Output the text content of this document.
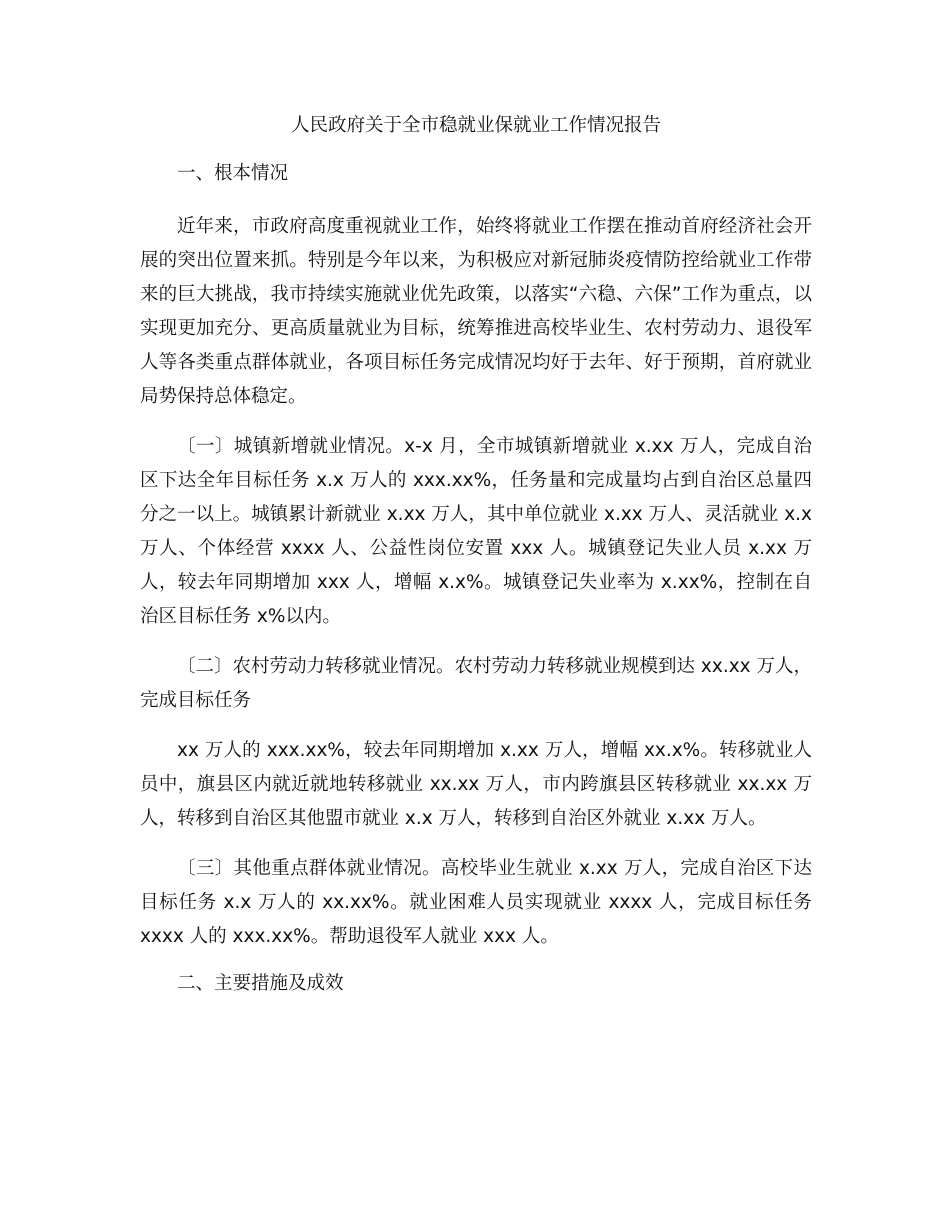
人民政府关于全市稳就业保就业工作情况报告
一、根本情况

近年来，市政府高度重视就业工作，始终将就业工作摆在推动首府经济社会开展的突出位置来抓。特别是今年以来，为积极应对新冠肺炎疫情防控给就业工作带来的巨大挑战，我市持续实施就业优先政策，以落实“六稳、六保”工作为重点，以实现更加充分、更高质量就业为目标，统筹推进高校毕业生、农村劳动力、退役军人等各类重点群体就业，各项目标任务完成情况均好于去年、好于预期，首府就业局势保持总体稳定。

〔一〕城镇新增就业情况。x-x 月，全市城镇新增就业 x.xx 万人，完成自治区下达全年目标任务 x.x 万人的 xxx.xx%，任务量和完成量均占到自治区总量四分之一以上。城镇累计新就业 x.xx 万人，其中单位就业 x.xx 万人、灵活就业 x.x 万人、个体经营 xxxx 人、公益性岗位安置 xxx 人。城镇登记失业人员 x.xx 万人，较去年同期增加 xxx 人，增幅 x.x%。城镇登记失业率为 x.xx%，控制在自治区目标任务 x%以内。

〔二〕农村劳动力转移就业情况。农村劳动力转移就业规模到达 xx.xx 万人，完成目标任务

xx 万人的 xxx.xx%，较去年同期增加 x.xx 万人，增幅 xx.x%。转移就业人员中，旗县区内就近就地转移就业 xx.xx 万人，市内跨旗县区转移就业 xx.xx 万人，转移到自治区其他盟市就业 x.x 万人，转移到自治区外就业 x.xx 万人。

〔三〕其他重点群体就业情况。高校毕业生就业 x.xx 万人，完成自治区下达目标任务 x.x 万人的 xx.xx%。就业困难人员实现就业 xxxx 人，完成目标任务 xxxx 人的 xxx.xx%。帮助退役军人就业 xxx 人。

二、主要措施及成效
